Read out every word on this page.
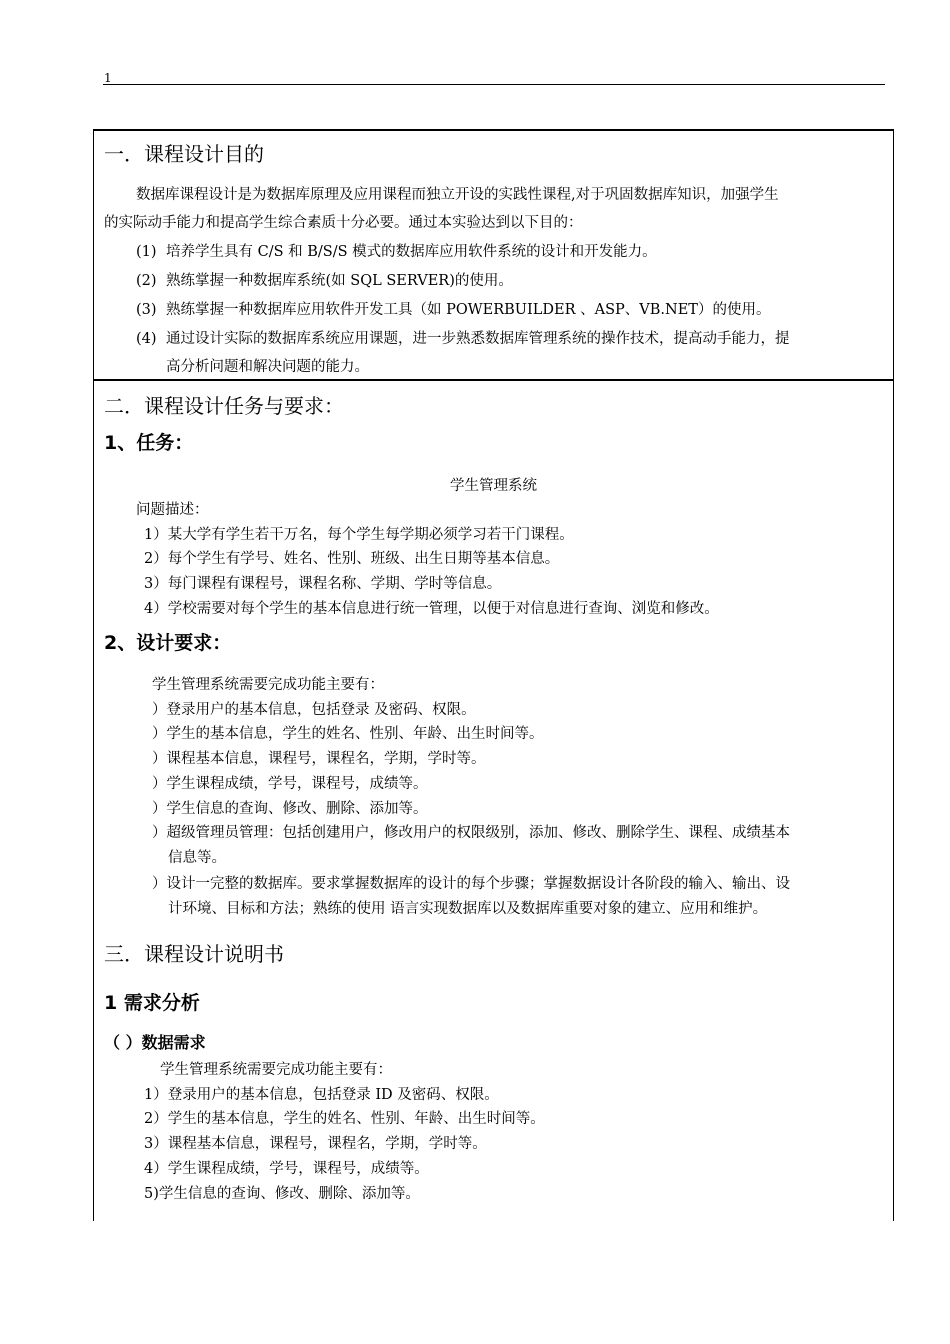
1
一．课程设计目的
数据库课程设计是为数据库原理及应用课程而独立开设的实践性课程,对于巩固数据库知识，加强学生
的实际动手能力和提高学生综合素质十分必要。通过本实验达到以下目的：
(1) 培养学生具有 C/S 和 B/S/S 模式的数据库应用软件系统的设计和开发能力。
(2) 熟练掌握一种数据库系统(如 SQL SERVER)的使用。
(3) 熟练掌握一种数据库应用软件开发工具（如 POWERBUILDER 、ASP、VB.NET）的使用。
(4) 通过设计实际的数据库系统应用课题，进一步熟悉数据库管理系统的操作技术，提高动手能力，提
高分析问题和解决问题的能力。
二．课程设计任务与要求：
1、任务：
学生管理系统
问题描述：
1）某大学有学生若干万名，每个学生每学期必须学习若干门课程。
2）每个学生有学号、姓名、性别、班级、出生日期等基本信息。
3）每门课程有课程号，课程名称、学期、学时等信息。
4）学校需要对每个学生的基本信息进行统一管理，以便于对信息进行查询、浏览和修改。
2、设计要求：
学生管理系统需要完成功能主要有：
）登录用户的基本信息，包括登录 及密码、权限。
）学生的基本信息，学生的姓名、性别、年龄、出生时间等。
）课程基本信息，课程号，课程名，学期，学时等。
）学生课程成绩，学号，课程号，成绩等。
）学生信息的查询、修改、删除、添加等。
）超级管理员管理：包括创建用户，修改用户的权限级别，添加、修改、删除学生、课程、成绩基本
信息等。
）设计一完整的数据库。要求掌握数据库的设计的每个步骤；掌握数据设计各阶段的输入、输出、设
计环境、目标和方法；熟练的使用 语言实现数据库以及数据库重要对象的建立、应用和维护。
三．课程设计说明书
1 需求分析
（ ）数据需求
学生管理系统需要完成功能主要有：
1）登录用户的基本信息，包括登录 ID 及密码、权限。
2）学生的基本信息，学生的姓名、性别、年龄、出生时间等。
3）课程基本信息，课程号，课程名，学期，学时等。
4）学生课程成绩，学号，课程号，成绩等。
5)学生信息的查询、修改、删除、添加等。
